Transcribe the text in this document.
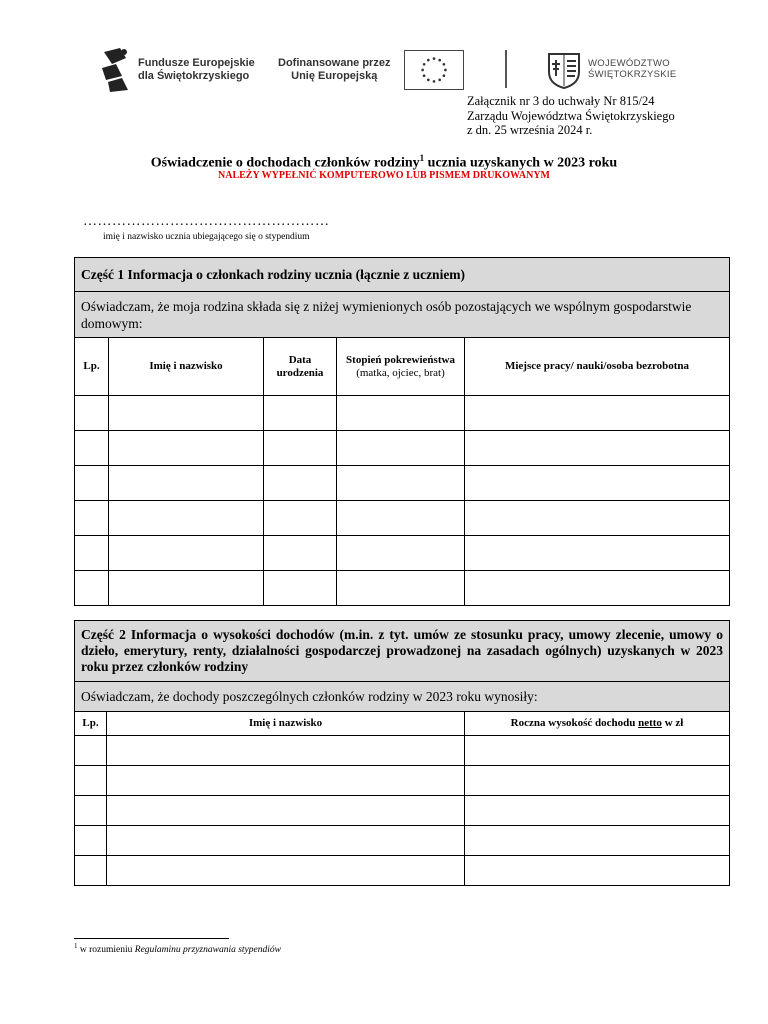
Fundusze Europejskie
dla Świętokrzyskiego
Dofinansowane przez
Unię Europejską
WOJEWÓDZTWO
ŚWIĘTOKRZYSKIE
Załącznik nr 3 do uchwały Nr 815/24
Zarządu Województwa Świętokrzyskiego
z dn. 25 września 2024 r.
Oświadczenie o dochodach członków rodziny$^1$ ucznia uzyskanych w 2023 roku
NALEŻY WYPEŁNIĆ KOMPUTEROWO LUB PISMEM DRUKOWANYM
……………………………………………
imię i nazwisko ucznia ubiegającego się o stypendium
Część 1 Informacja o członkach rodziny ucznia (łącznie z uczniem)				
Oświadczam, że moja rodzina składa się z niżej wymienionych osób pozostających we wspólnym gospodarstwie domowym:				
Lp.	Imię i nazwisko	Data urodzenia	Stopień pokrewieństwa (matka, ojciec, brat)	Miejsce pracy/ nauki/osoba bezrobotna

Część 2 Informacja o wysokości dochodów (m.in. z tyt. umów ze stosunku pracy, umowy zlecenie, umowy o dzieło, emerytury, renty, działalności gospodarczej prowadzonej na zasadach ogólnych) uzyskanych w 2023 roku przez członków rodziny		
Oświadczam, że dochody poszczególnych członków rodziny w 2023 roku wynosiły:		
Lp.	Imię i nazwisko	Roczna wysokość dochodu netto w zł

$^1$ w rozumieniu Regulaminu przyznawania stypendiów
